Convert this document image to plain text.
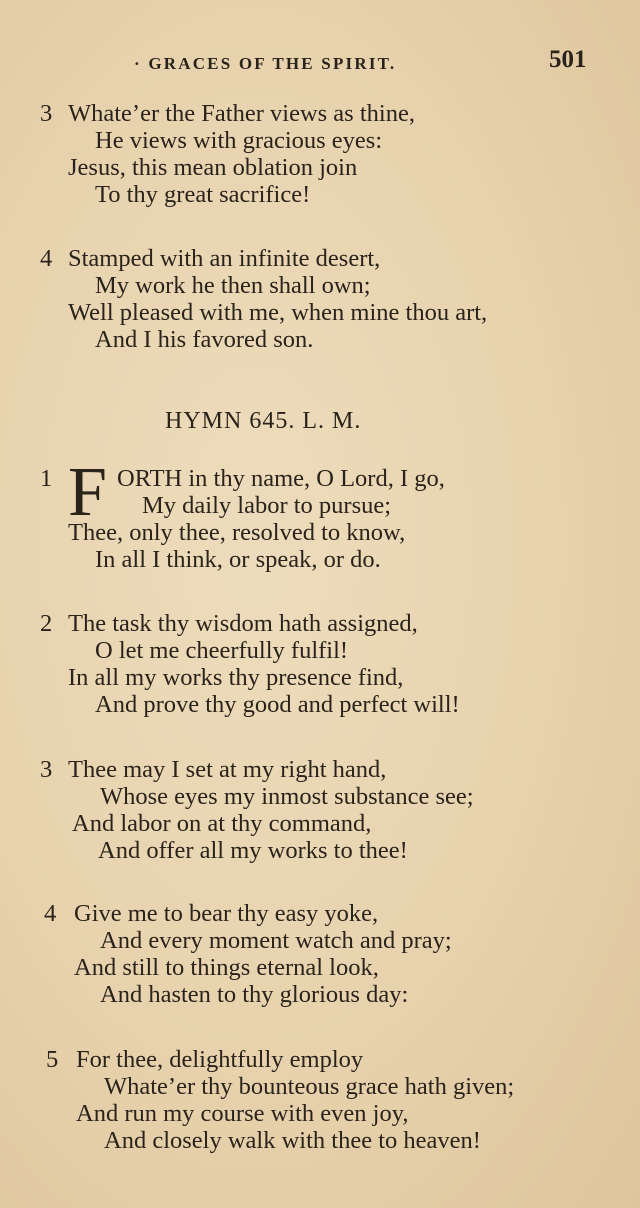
· GRACES OF THE SPIRIT.	501
3 Whate’er the Father views as thine,
He views with gracious eyes:
Jesus, this mean oblation join
To thy great sacrifice!
4 Stamped with an infinite desert,
My work he then shall own;
Well pleased with me, when mine thou art,
And I his favored son.
HYMN 645. L. M.
1	ORTH in thy name, O Lord, I go,
My daily labor to pursue;
Thee, only thee, resolved to know,
In all I think, or speak, or do.
F
2 The task thy wisdom hath assigned,
O let me cheerfully fulfil!
In all my works thy presence find,
And prove thy good and perfect will!
3 Thee may I set at my right hand,
Whose eyes my inmost substance see;
And labor on at thy command,
And offer all my works to thee!
4 Give me to bear thy easy yoke,
And every moment watch and pray;
And still to things eternal look,
And hasten to thy glorious day:
5 For thee, delightfully employ
Whate’er thy bounteous grace hath given;
And run my course with even joy,
And closely walk with thee to heaven!
